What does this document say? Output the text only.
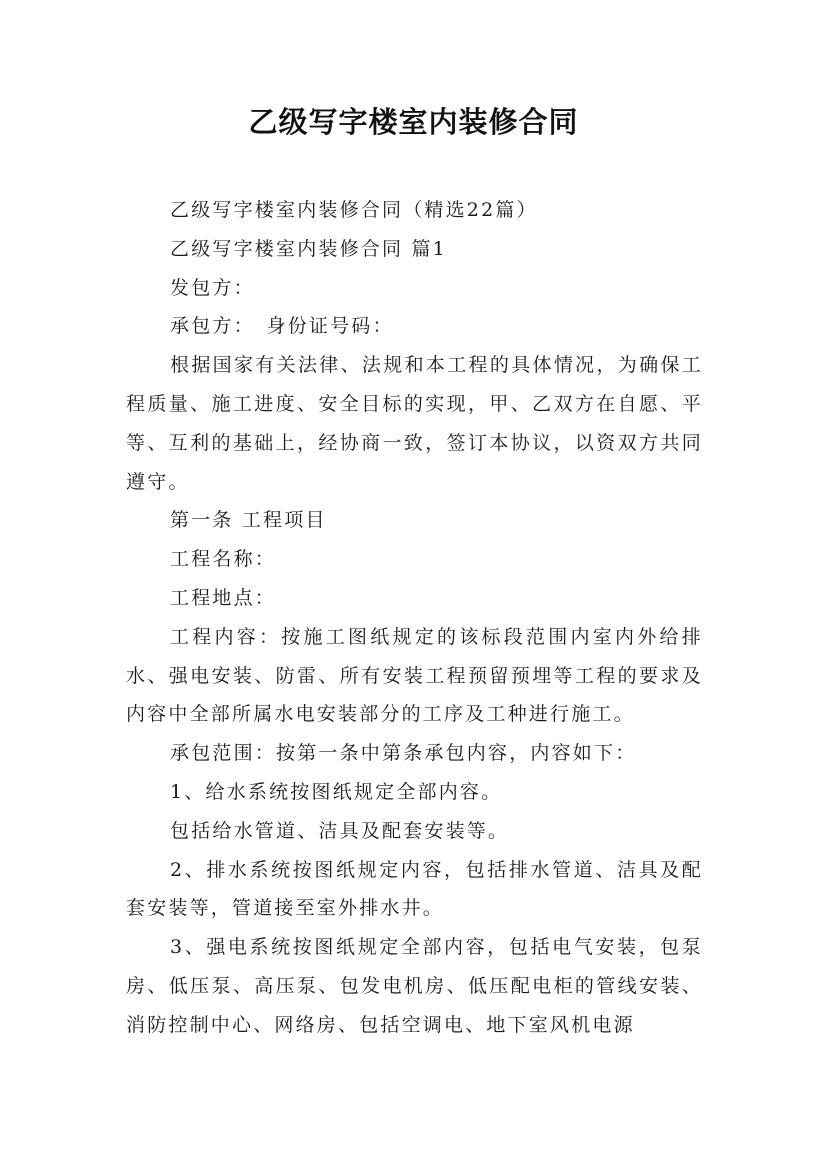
乙级写字楼室内装修合同

乙级写字楼室内装修合同（精选22篇）

乙级写字楼室内装修合同 篇1

发包方：

承包方：　身份证号码：

根据国家有关法律、法规和本工程的具体情况，为确保工程质量、施工进度、安全目标的实现，甲、乙双方在自愿、平等、互利的基础上，经协商一致，签订本协议，以资双方共同遵守。

第一条 工程项目

工程名称：

工程地点：

工程内容：按施工图纸规定的该标段范围内室内外给排水、强电安装、防雷、所有安装工程预留预埋等工程的要求及内容中全部所属水电安装部分的工序及工种进行施工。

承包范围：按第一条中第条承包内容，内容如下：

1、给水系统按图纸规定全部内容。

包括给水管道、洁具及配套安装等。

2、排水系统按图纸规定内容，包括排水管道、洁具及配套安装等，管道接至室外排水井。

3、强电系统按图纸规定全部内容，包括电气安装，包泵房、低压泵、高压泵、包发电机房、低压配电柜的管线安装、消防控制中心、网络房、包括空调电、地下室风机电源
